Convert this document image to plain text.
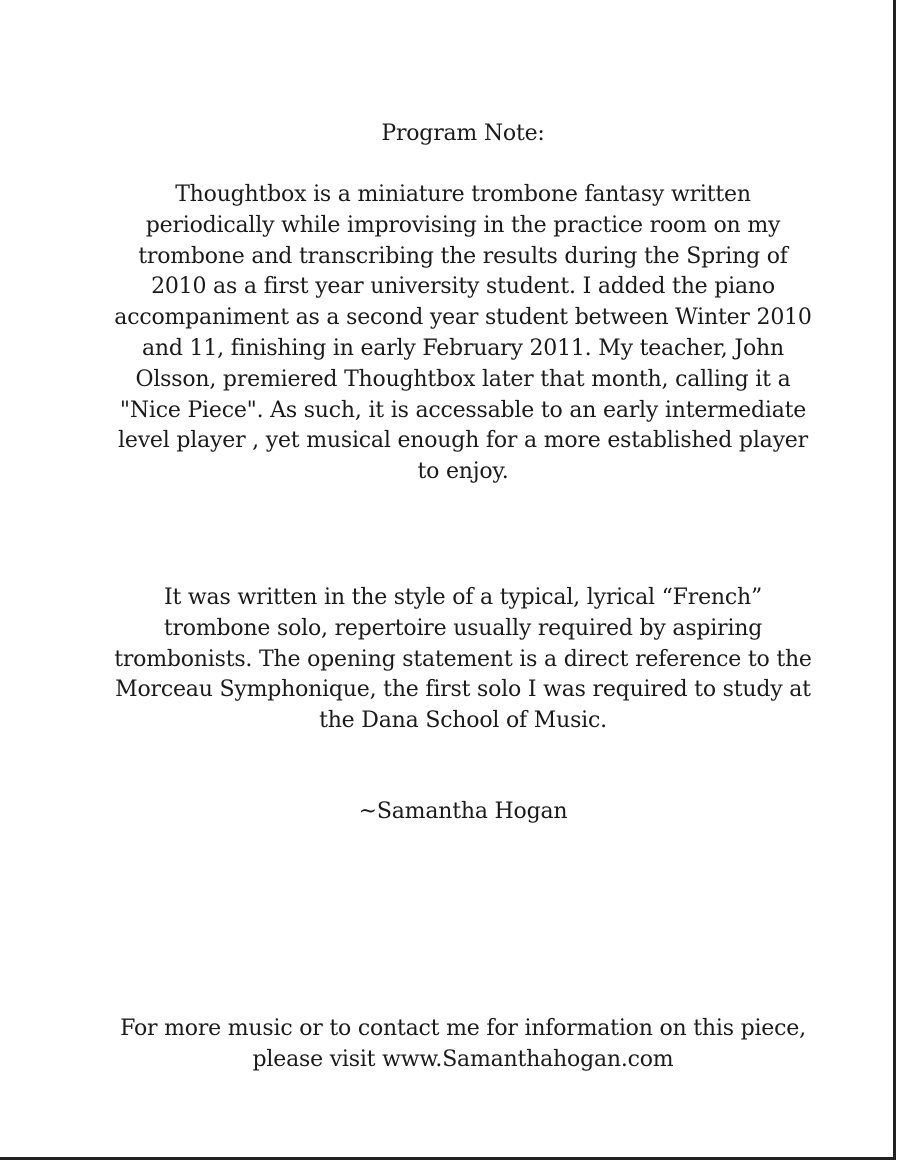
Program Note:
Thoughtbox is a miniature trombone fantasy written
periodically while improvising in the practice room on my
trombone and transcribing the results during the Spring of
2010 as a first year university student. I added the piano
accompaniment as a second year student between Winter 2010
and 11, finishing in early February 2011. My teacher, John
Olsson, premiered Thoughtbox later that month, calling it a
"Nice Piece". As such, it is accessable to an early intermediate
level player , yet musical enough for a more established player
to enjoy.
It was written in the style of a typical, lyrical “French”
trombone solo, repertoire usually required by aspiring
trombonists. The opening statement is a direct reference to the
Morceau Symphonique, the first solo I was required to study at
the Dana School of Music.
~Samantha Hogan
For more music or to contact me for information on this piece,
please visit www.Samanthahogan.com
